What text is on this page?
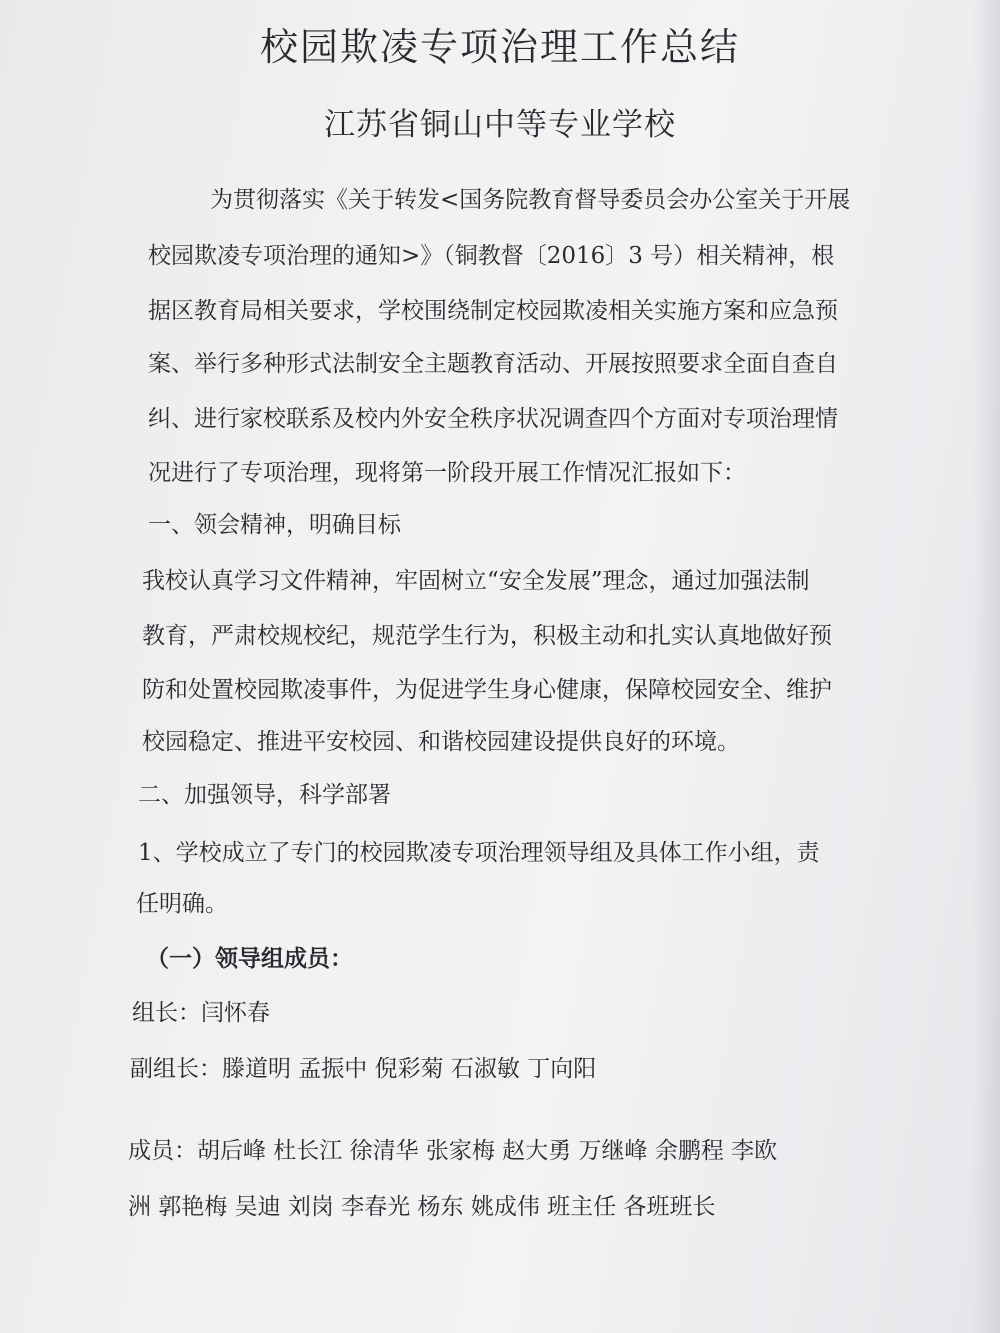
校园欺凌专项治理工作总结
江苏省铜山中等专业学校

为贯彻落实《关于转发<国务院教育督导委员会办公室关于开展

校园欺凌专项治理的通知>》（铜教督〔2016〕3 号）相关精神，根

据区教育局相关要求，学校围绕制定校园欺凌相关实施方案和应急预

案、举行多种形式法制安全主题教育活动、开展按照要求全面自查自

纠、进行家校联系及校内外安全秩序状况调查四个方面对专项治理情

况进行了专项治理，现将第一阶段开展工作情况汇报如下：

一、领会精神，明确目标

我校认真学习文件精神，牢固树立“安全发展”理念，通过加强法制

教育，严肃校规校纪，规范学生行为，积极主动和扎实认真地做好预

防和处置校园欺凌事件，为促进学生身心健康，保障校园安全、维护

校园稳定、推进平安校园、和谐校园建设提供良好的环境。

二、加强领导，科学部署

1、学校成立了专门的校园欺凌专项治理领导组及具体工作小组，责

任明确。

（一）领导组成员：

组长：闫怀春

副组长：滕道明 孟振中 倪彩菊 石淑敏 丁向阳

成员：胡后峰 杜长江 徐清华 张家梅 赵大勇 万继峰 余鹏程 李欧

洲 郭艳梅 吴迪 刘岗 李春光 杨东 姚成伟 班主任 各班班长
